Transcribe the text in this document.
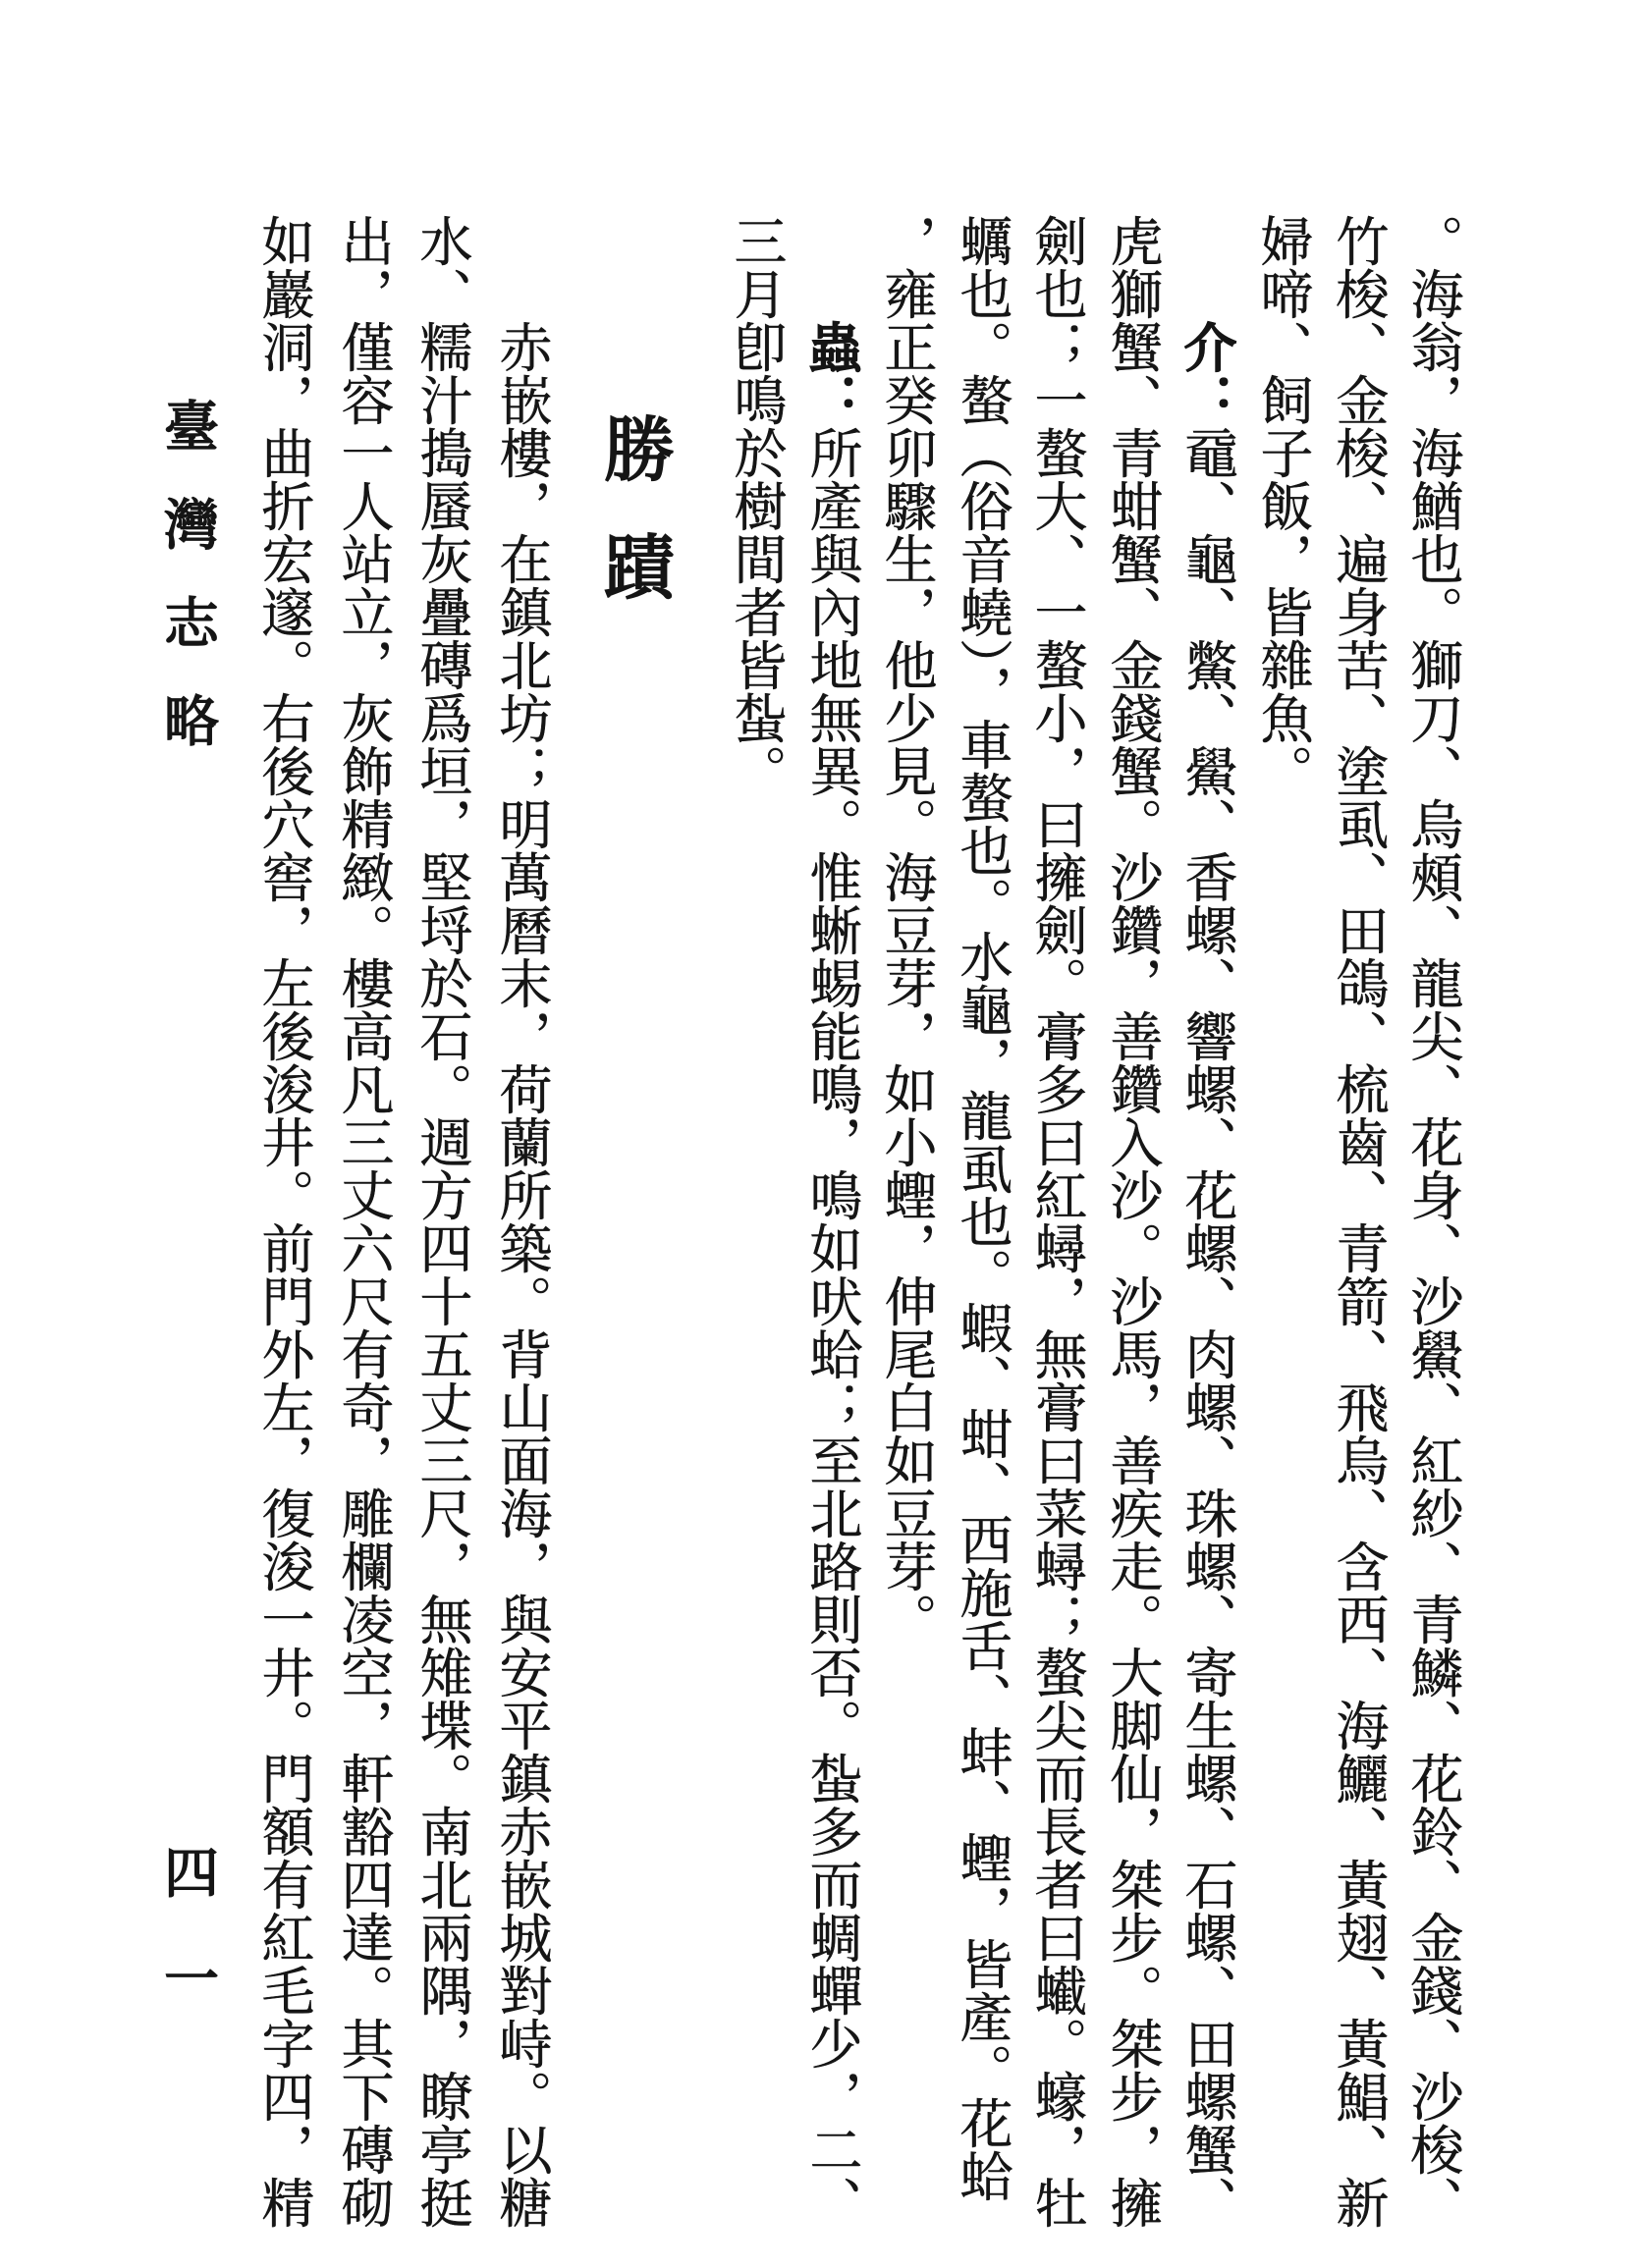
臺灣志略
四一	。海翁，海鰌也。獅刀、烏頰、龍尖、花身、沙鱟、紅紗、青鱗、花鈴、金錢、沙梭、
竹梭、金梭、遍身苦、塗虱、田鴿、梳齒、青箭、飛烏、含西、海鱺、黃翅、黃鯧、新
婦啼、飼子飯，皆雜魚。
介：黿、龜、鱉、鱟、香螺、響螺、花螺、肉螺、珠螺、寄生螺、石螺、田螺蟹、
虎獅蟹、青蚶蟹、金錢蟹。沙鑽，善鑽入沙。沙馬，善疾走。大脚仙，桀步。桀步，擁
劍也；一螯大、一螯小，曰擁劍。膏多曰紅蟳，無膏曰菜蟳；螯尖而長者曰蠘。蠔，牡
蠣也。螯（俗音蟯），車螯也。水龜，龍虱也。蝦、蚶、西施舌、蚌、蟶，皆產。花蛤
，雍正癸卯驟生，他少見。海豆芽，如小蟶，伸尾白如豆芽。
蟲：所產與內地無異。惟蜥蜴能鳴，鳴如吠蛤；至北路則否。蚻多而蜩蟬少，二、
三月卽鳴於樹間者皆蚻。
勝蹟
赤嵌樓，在鎮北坊；明萬曆末，荷蘭所築。背山面海，與安平鎮赤嵌城對峙。以糖
水、糯汁搗蜃灰疊磚爲垣，堅埒於石。週方四十五丈三尺，無雉堞。南北兩隅，瞭亭挺
出，僅容一人站立，灰飾精緻。樓高凡三丈六尺有奇，雕欄凌空，軒豁四達。其下磚砌
如巖洞，曲折宏邃。右後穴窖，左後浚井。前門外左，復浚一井。門額有紅毛字四，精
